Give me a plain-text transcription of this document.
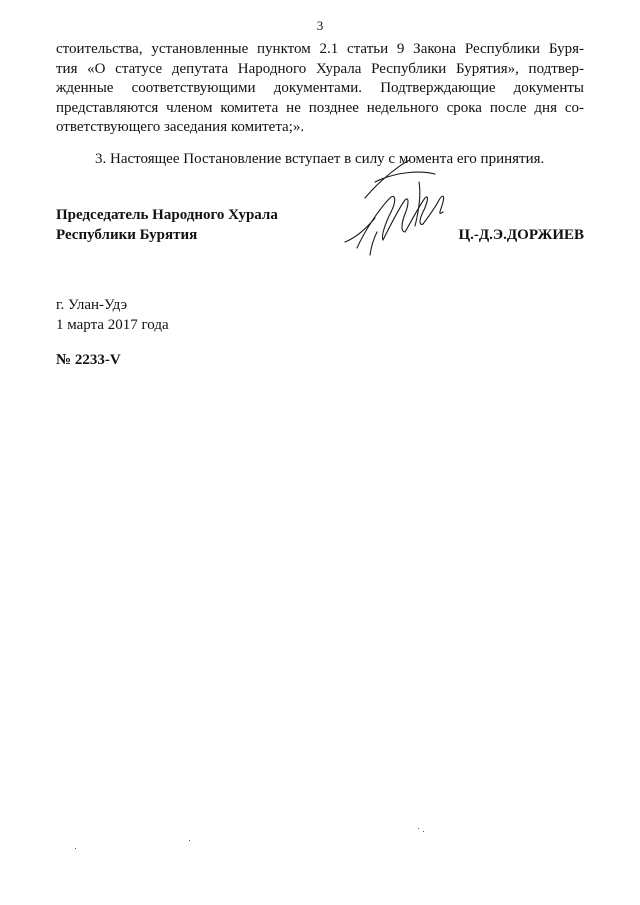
3
стоительства, установленные пунктом 2.1 статьи 9 Закона Республики Буря-
тия «О статусе депутата Народного Хурала Республики Бурятия», подтвер-
жденные соответствующими документами. Подтверждающие документы
представляются членом комитета не позднее недельного срока после дня со-
ответствующего заседания комитета;».
3. Настоящее Постановление вступает в силу с момента его принятия.
Председатель Народного Хурала
Республики Бурятия	Ц.-Д.Э.ДОРЖИЕВ
г. Улан-Удэ
1 марта 2017 года
№ 2233-V
